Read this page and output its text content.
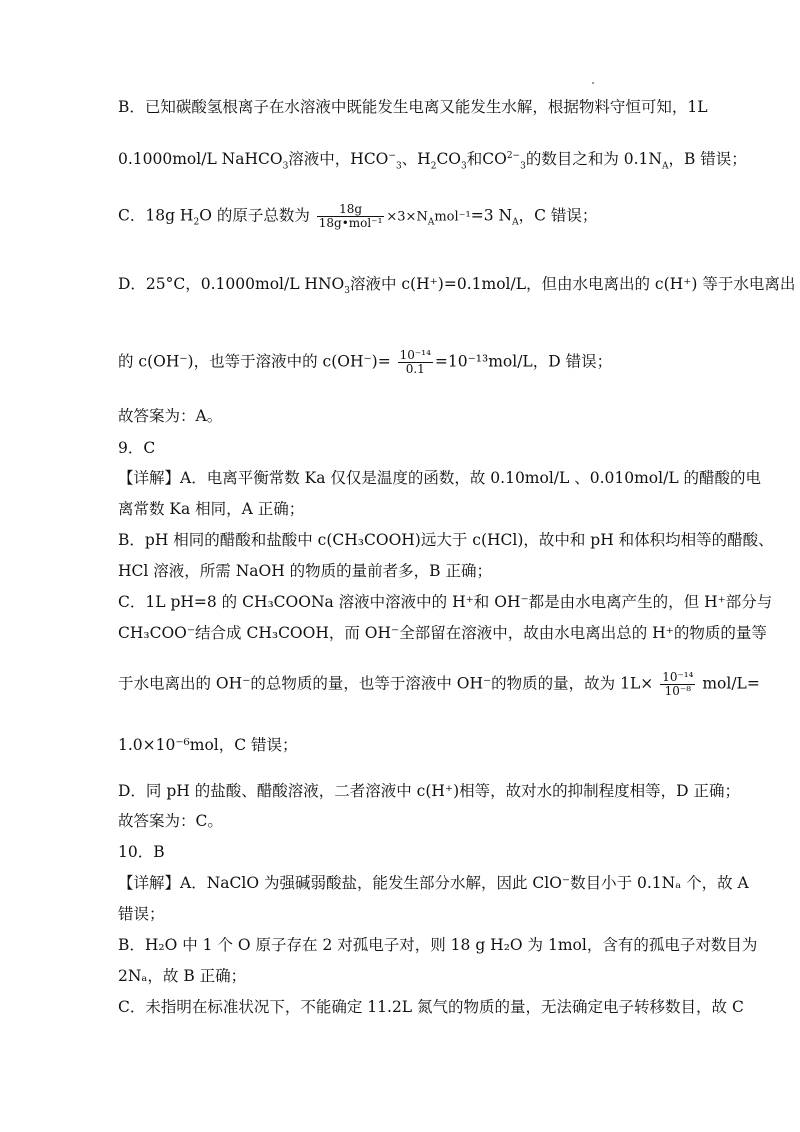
B．已知碳酸氢根离子在水溶液中既能发生电离又能发生水解，根据物料守恒可知，1L
0.1000mol/L NaHCO$_3$溶液中，$HCO^-_3$、$H_2CO_3$和$CO^{2-}_3$的数目之和为 $0.1N_A$，B 错误；
C．18g $H_2O$ 的原子总数为 $\frac{18g}{\text{18g•mol⁻¹}} \times 3\times N_Amol^{-1}=3$ $N_A$，C 错误；
D．25°C，0.1000mol/L $HNO_3$溶液中 c(H⁺)=0.1mol/L，但由水电离出的 c(H⁺) 等于水电离出
的 c(OH⁻)，也等于溶液中的 $c(OH^-)= \frac{\text{10⁻¹⁴}}{0.1} =10^{-13}mol/L$，D 错误；
故答案为：A。
9．C
【详解】A．电离平衡常数 Ka 仅仅是温度的函数，故 0.10mol/L 、0.010mol/L 的醋酸的电
离常数 Ka 相同，A 正确；
B．pH 相同的醋酸和盐酸中 c(CH₃COOH)远大于 c(HCl)，故中和 pH 和体积均相等的醋酸、
HCl 溶液，所需 NaOH 的物质的量前者多，B 正确；
C．1L pH=8 的 CH₃COONa 溶液中溶液中的 H⁺和 OH⁻都是由水电离产生的，但 H⁺部分与
CH₃COO⁻结合成 CH₃COOH，而 OH⁻全部留在溶液中，故由水电离出总的 H⁺的物质的量等
于水电离出的 OH⁻的总物质的量，也等于溶液中 OH⁻的物质的量，故为 $1L\times \frac{\text{10⁻¹⁴}}{\text{10⁻⁸}} mol/L=$
1.0×10⁻⁶mol，C 错误；
D．同 pH 的盐酸、醋酸溶液，二者溶液中 c(H⁺)相等，故对水的抑制程度相等，D 正确；
故答案为：C。
10．B
【详解】A．NaClO 为强碱弱酸盐，能发生部分水解，因此 ClO⁻数目小于 0.1Nₐ 个，故 A
错误；
B．H₂O 中 1 个 O 原子存在 2 对孤电子对，则 18 g H₂O 为 1mol，含有的孤电子对数目为
2Nₐ，故 B 正确；
C．未指明在标准状况下，不能确定 11.2L 氮气的物质的量，无法确定电子转移数目，故 C
